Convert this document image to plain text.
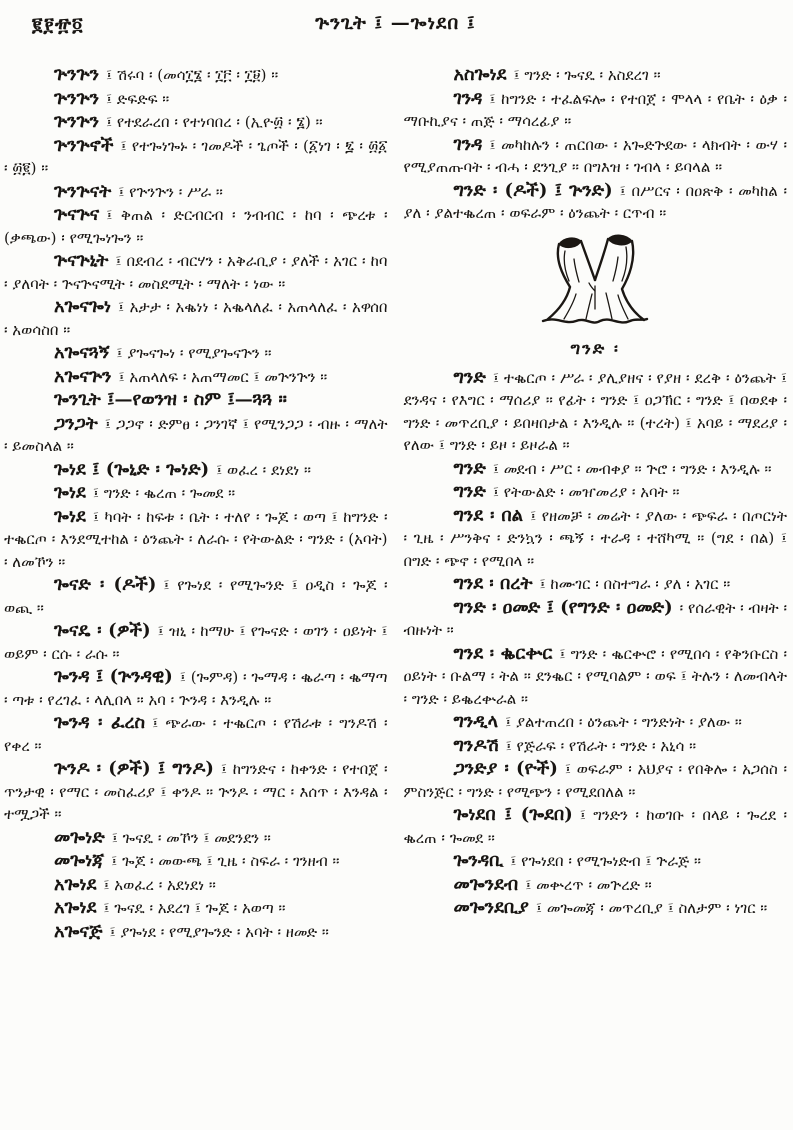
፪፻፹፬	ጕንጊት ፤ —ጐነደበ ፤

ጕንጕን ፤ ሽሩባ ፡ (መሳ፲፮ ፡ ፲፫ ፡ ፲፱) ።

ጕንጕን ፤ ድፍድፍ ።

ጕንጕን ፤ የተደራረበ ፡ የተነባበረ ፡ (ኢዮ፴ ፡ ፮) ።

ጕንጕኖች ፤ የተጐነጐኑ ፡ ገመዶች ፡ ጌጦች ፡ (፩ነገ ፡ ፯ ፡ ፴፩ ፡ ፴፪) ።

ጕንጕናት ፤ የጕንጕን ፡ ሥራ ።

ጕናጕና ፤ ቅጠል ፡ ድርብርብ ፡ ንብብር ፡ ከባ ፡ ጭረቱ ፡ (ቃጫው) ፡ የሚጐነጐን ።

ጕናጕኒት ፤ በደብረ ፡ ብርሃን ፡ አቅራቢያ ፡ ያለች ፡ አገር ፡ ከባ ፡ ያለባት ፡ ጕናጕናሚት ፡ መስደሚት ፡ ማለት ፡ ነው ።

አጐናጐነ ፤ አታታ ፡ አቈነነ ፡ አቈላለፈ ፡ አጠላለፈ ፡ አዋሰበ ፡ አወሳስበ ።

አጐናጓኝ ፤ ያጐናጐነ ፡ የሚያጐናጕን ።

አጐናጕን ፤ አጠላለፍ ፡ አጠማመር ፤ መጕንጕን ።

ጐንጊት ፤—የወንዝ ፡ ስም ፤—ጓጓ ።

ጋንጋት ፤ ጋጋኖ ፡ ድምፀ ፡ ጋንገኛ ፤ የሚንጋጋ ፡ ብዙ ፡ ማለት ፡ ይመስላል ።

ጐነደ ፤ (ጐኒድ ፡ ጐነድ) ፤ ወፈረ ፡ ደነደነ ።

ጐነደ ፤ ግንድ ፡ ቈረጠ ፡ ጐመደ ።

ጐነደ ፤ ካባት ፡ ከፍቱ ፡ ቤት ፡ ተለየ ፡ ጐጆ ፡ ወጣ ፤ ከግንድ ፡ ተቈርጦ ፡ እንደሚተከል ፡ ዕንጨት ፡ ለራሱ ፡ የትውልድ ፡ ግንድ ፡ (አባት) ፡ ለመኾን ።

ጐናድ ፡ (ዶች) ፤ የጐነደ ፡ የሚጐንድ ፤ ዐዲስ ፡ ጐጆ ፡ ወጪ ።

ጐናዴ ፡ (ዎች) ፤ ዝኒ ፡ ከማሁ ፤ የጐናድ ፡ ወገን ፡ ዐይነት ፤ ወይም ፡ ርሱ ፡ ራሱ ።

ጐንዳ ፤ (ጕንዳዊ) ፤ (ጐምዳ) ፡ ጐማዳ ፡ ቈራጣ ፡ ቈማጣ ፡ ጣቱ ፡ የረገፈ ፡ ላሊበላ ። አባ ፡ ጕንዳ ፡ እንዲሉ ።

ጐንዳ ፡ ፈረስ ፤ ጭራው ፡ ተቈርጦ ፡ የሽራቱ ፡ ግንዶሽ ፡ የቀረ ።

ጕንዶ ፡ (ዎች) ፤ ግንዶ) ፤ ከግንድና ፡ ከቀንድ ፡ የተበጀ ፡ ጥንታዊ ፡ የማር ፡ መስፈሪያ ፤ ቀንዶ ። ጕንዶ ፡ ማር ፡ እሰጥ ፡ እንዳል ፡ ተሟጋች ።

መጐነድ ፤ ጐናዴ ፡ መኾን ፤ መደንደን ።

መጐነጃ ፤ ጐጆ ፡ መውጫ ፤ ጊዜ ፡ ስፍራ ፡ ገንዘብ ።

አጐነደ ፤ አወፈረ ፡ አደነደነ ።

አጐነደ ፤ ጐናዴ ፡ አደረገ ፤ ጐጆ ፡ አወጣ ።

አጐናጅ ፤ ያጐነደ ፡ የሚያጐንድ ፡ አባት ፡ ዘመድ ።

አስጐነደ ፤ ግንድ ፡ ጐናዴ ፡ አስደረገ ።

ገንዳ ፤ ከግንድ ፡ ተፈልፍሎ ፡ የተበጀ ፡ ሞላላ ፡ የቤት ፡ ዕቃ ፡ ማቡኪያና ፡ ጠጅ ፡ ማሳረፊያ ።

ገንዳ ፤ መካከሉን ፡ ጠርበው ፡ አጐድጕደው ፡ ላክብት ፡ ውሃ ፡ የሚያጠጡባት ፡ ብሓ ፡ ደንጊያ ። በግእዝ ፡ ገብላ ፡ ይባላል ።

ግንድ ፡ (ዶች) ፤ ጕንድ) ፤ በሥርና ፡ በዐጽቅ ፡ መካከል ፡ ያለ ፡ ያልተቈረጠ ፡ ወፍራም ፡ ዕንጨት ፡ ርጥብ ።

ግንድ ፡

ግንድ ፤ ተቈርጦ ፡ ሥራ ፡ ያሊያዘና ፡ የያዘ ፡ ደረቅ ፡ ዕንጨት ፤ ደንዳና ፡ የእግር ፡ ማሰሪያ ። የፊት ፡ ግንድ ፤ ዐጋኽር ፡ ግንድ ፤ በወደቀ ፡ ግንድ ፡ መጥረቢያ ፡ ይበዛበታል ፡ እንዲሉ ። (ተረት) ፤ አባይ ፡ ማደሪያ ፡ የለው ፤ ግንድ ፡ ይዞ ፡ ይዞራል ።

ግንድ ፤ መደብ ፡ ሥር ፡ መብቀያ ። ጕሮ ፡ ግንድ ፡ እንዲሉ ።

ግንድ ፤ የትውልድ ፡ መዠመሪያ ፡ አባት ።

ግንደ ፡ በል ፤ የዘመቻ ፡ መሬት ፡ ያለው ፡ ጭፍራ ፡ በጦርነት ፡ ጊዜ ፡ ሥንቅና ፡ ድንኳን ፡ ጫኝ ፡ ተራዳ ፡ ተሸካሚ ። (ግደ ፡ በል) ፤ በግድ ፡ ጭኖ ፡ የሚበላ ።

ግንደ ፡ በረት ፤ ከሙገር ፡ በስተግራ ፡ ያለ ፡ አገር ።

ግንድ ፡ ዐመድ ፤ (የግንድ ፡ ዐመድ) ፡ የሰራዊት ፡ ብዛት ፡ ብዙነት ።

ግንደ ፡ ቈርቍር ፤ ግንድ ፡ ቈርቍሮ ፡ የሚበሳ ፡ የቅንቡርስ ፡ ዐይነት ፡ ቡልማ ፡ ትል ። ደንቈር ፡ የሚባልም ፡ ወፍ ፤ ትሉን ፡ ለመብላት ፡ ግንድ ፡ ይቈረቍራል ።

ግንዲላ ፤ ያልተጠረበ ፡ ዕንጨት ፡ ግንድነት ፡ ያለው ።

ግንዶሽ ፤ የጅራፍ ፡ የሽራት ፡ ግንድ ፡ አኒሳ ።

ጋንድያ ፡ (ዮች) ፤ ወፍራም ፡ አህያና ፡ የበቅሎ ፡ አጋሰስ ፡ ምስንጅር ፡ ግንድ ፡ የሚጭን ፡ የሚደበለል ።

ጐነደበ ፤ (ጐደበ) ፤ ግንድን ፡ ከወገቡ ፡ በላይ ፡ ጐረደ ፡ ቈረጠ ፡ ጐመደ ።

ጐንዳቢ ፤ የጐነደበ ፡ የሚጐነድብ ፤ ጕራጅ ።

መጐንደብ ፤ መቍረጥ ፡ መጕረድ ።

መጐንደቢያ ፤ መጐመጃ ፡ መጥረቢያ ፤ ስለታም ፡ ነገር ።
